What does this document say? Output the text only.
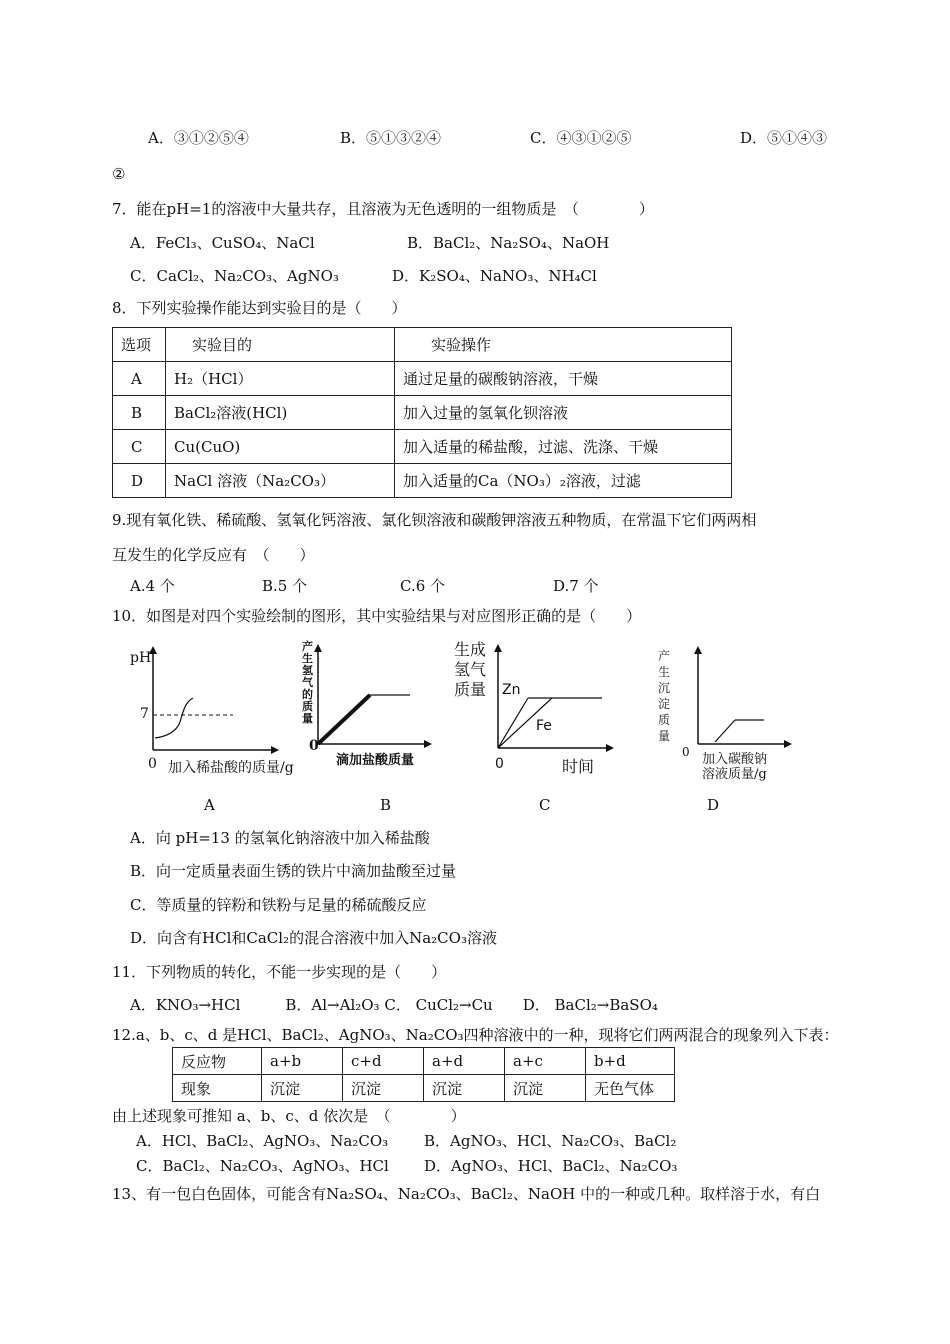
A．③①②⑤④	B．⑤①③②④	C．④③①②⑤	D．⑤①④③
②
7．能在pH=1的溶液中大量共存，且溶液为无色透明的一组物质是　（　　　　）
A．FeCl₃、CuSO₄、NaCl	B．BaCl₂、Na₂SO₄、NaOH
C．CaCl₂、Na₂CO₃、AgNO₃	D．K₂SO₄、NaNO₃、NH₄Cl
8．下列实验操作能达到实验目的是（　　）
选项	实验目的	实验操作
A	H₂（HCl）	通过足量的碳酸钠溶液，干燥
B	BaCl₂溶液(HCl)	加入过量的氢氧化钡溶液
C	Cu(CuO)	加入适量的稀盐酸，过滤、洗涤、干燥
D	NaCl 溶液（Na₂CO₃）	加入适量的Ca（NO₃）₂溶液，过滤
9.现有氧化铁、稀硫酸、氢氧化钙溶液、氯化钡溶液和碳酸钾溶液五种物质，在常温下它们两两相
互发生的化学反应有　（　　）
A.4 个	B.5 个	C.6 个	D.7 个
10．如图是对四个实验绘制的图形，其中实验结果与对应图形正确的是（　　）
pH
7
0 加入稀盐酸的质量/g
A
产生氢气的质量
0
滴加盐酸质量
B
生成氢气质量 Zn
Fe
0	时间
C
产生沉淀质量
0 加入碳酸钠
溶液质量/g
D
A．向 pH=13 的氢氧化钠溶液中加入稀盐酸
B．向一定质量表面生锈的铁片中滴加盐酸至过量
C．等质量的锌粉和铁粉与足量的稀硫酸反应
D．向含有HCl和CaCl₂的混合溶液中加入Na₂CO₃溶液
11．下列物质的转化，不能一步实现的是（　　）
A．KNO₃→HCl　　　B．Al→Al₂O₃ C． CuCl₂→Cu　　D． BaCl₂→BaSO₄
12.a、b、c、d 是HCl、BaCl₂、AgNO₃、Na₂CO₃四种溶液中的一种，现将它们两两混合的现象列入下表：
反应物	a+b	c+d	a+d	a+c	b+d
现象	沉淀	沉淀	沉淀	沉淀	无色气体
由上述现象可推知 a、b、c、d 依次是　（　　　　）
A．HCl、BaCl₂、AgNO₃、Na₂CO₃ B．AgNO₃、HCl、Na₂CO₃、BaCl₂
C．BaCl₂、Na₂CO₃、AgNO₃、HCl D．AgNO₃、HCl、BaCl₂、Na₂CO₃
13、有一包白色固体，可能含有Na₂SO₄、Na₂CO₃、BaCl₂、NaOH 中的一种或几种。取样溶于水，有白
